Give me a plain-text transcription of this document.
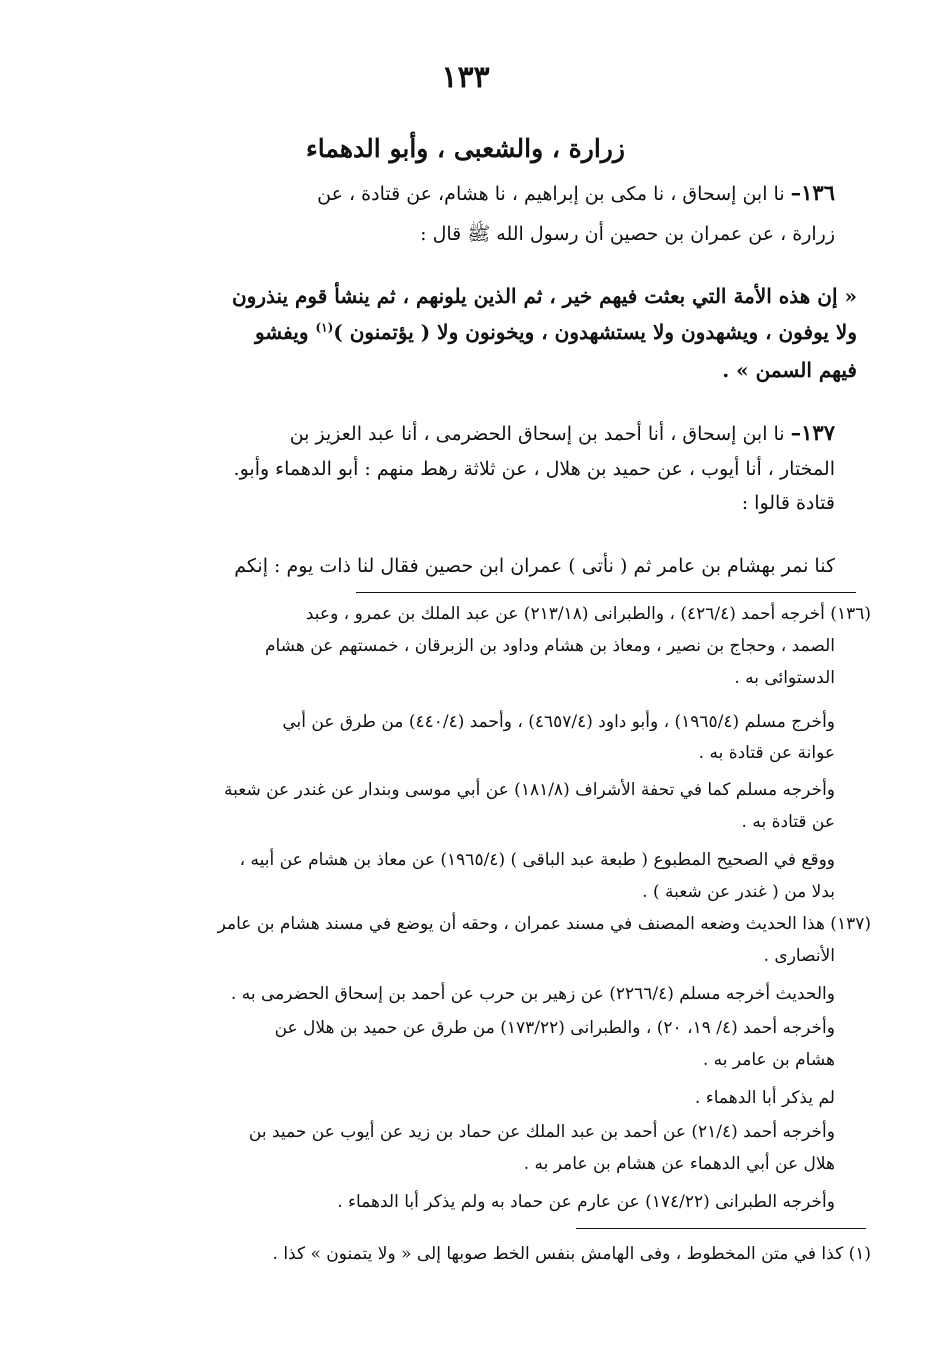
١٣٣
زرارة ، والشعبى ، وأبو الدهماء
١٣٦– نا ابن إسحاق ، نا مكى بن إبراهيم ، نا هشام، عن قتادة ، عن
زرارة ، عن عمران بن حصين أن رسول الله ﷺ قال :
« إن هذه الأمة التي بعثت فيهم خير ، ثم الذين يلونهم ، ثم ينشأ قوم ينذرون
ولا يوفون ، ويشهدون ولا يستشهدون ، ويخونون ولا ( يؤتمنون )$^{(١)}$ ويفشو
فيهم السمن » .
١٣٧– نا ابن إسحاق ، أنا أحمد بن إسحاق الحضرمى ، أنا عبد العزيز بن
المختار ، أنا أيوب ، عن حميد بن هلال ، عن ثلاثة رهط منهم : أبو الدهماء وأبو.
قتادة قالوا :
كنا نمر بهشام بن عامر ثم ( نأتى ) عمران ابن حصين فقال لنا ذات يوم : إنكم
(١٣٦) أخرجه أحمد (٤٢٦/٤) ، والطبرانى (٢١٣/١٨) عن عبد الملك بن عمرو ، وعبد
الصمد ، وحجاج بن نصير ، ومعاذ بن هشام وداود بن الزبرقان ، خمستهم عن هشام
الدستوائى به .
وأخرج مسلم (١٩٦٥/٤) ، وأبو داود (٤٦٥٧/٤) ، وأحمد (٤٤٠/٤) من طرق عن أبي
عوانة عن قتادة به .
وأخرجه مسلم كما في تحفة الأشراف (١٨١/٨) عن أبي موسى وبندار عن غندر عن شعبة
عن قتادة به .
ووقع في الصحيح المطبوع ( طبعة عبد الباقى ) (١٩٦٥/٤) عن معاذ بن هشام عن أبيه ،
بدلا من ( غندر عن شعبة ) .
(١٣٧) هذا الحديث وضعه المصنف في مسند عمران ، وحقه أن يوضع في مسند هشام بن عامر
الأنصارى .
والحديث أخرجه مسلم (٢٢٦٦/٤) عن زهير بن حرب عن أحمد بن إسحاق الحضرمى به .
وأخرجه أحمد (٤/ ١٩، ٢٠) ، والطبرانى (١٧٣/٢٢) من طرق عن حميد بن هلال عن
هشام بن عامر به .
لم يذكر أبا الدهماء .
وأخرجه أحمد (٢١/٤) عن أحمد بن عبد الملك عن حماد بن زيد عن أيوب عن حميد بن
هلال عن أبي الدهماء عن هشام بن عامر به .
وأخرجه الطبرانى (١٧٤/٢٢) عن عارم عن حماد به ولم يذكر أبا الدهماء .
(١) كذا في متن المخطوط ، وفى الهامش بنفس الخط صوبها إلى « ولا يتمنون » كذا .
